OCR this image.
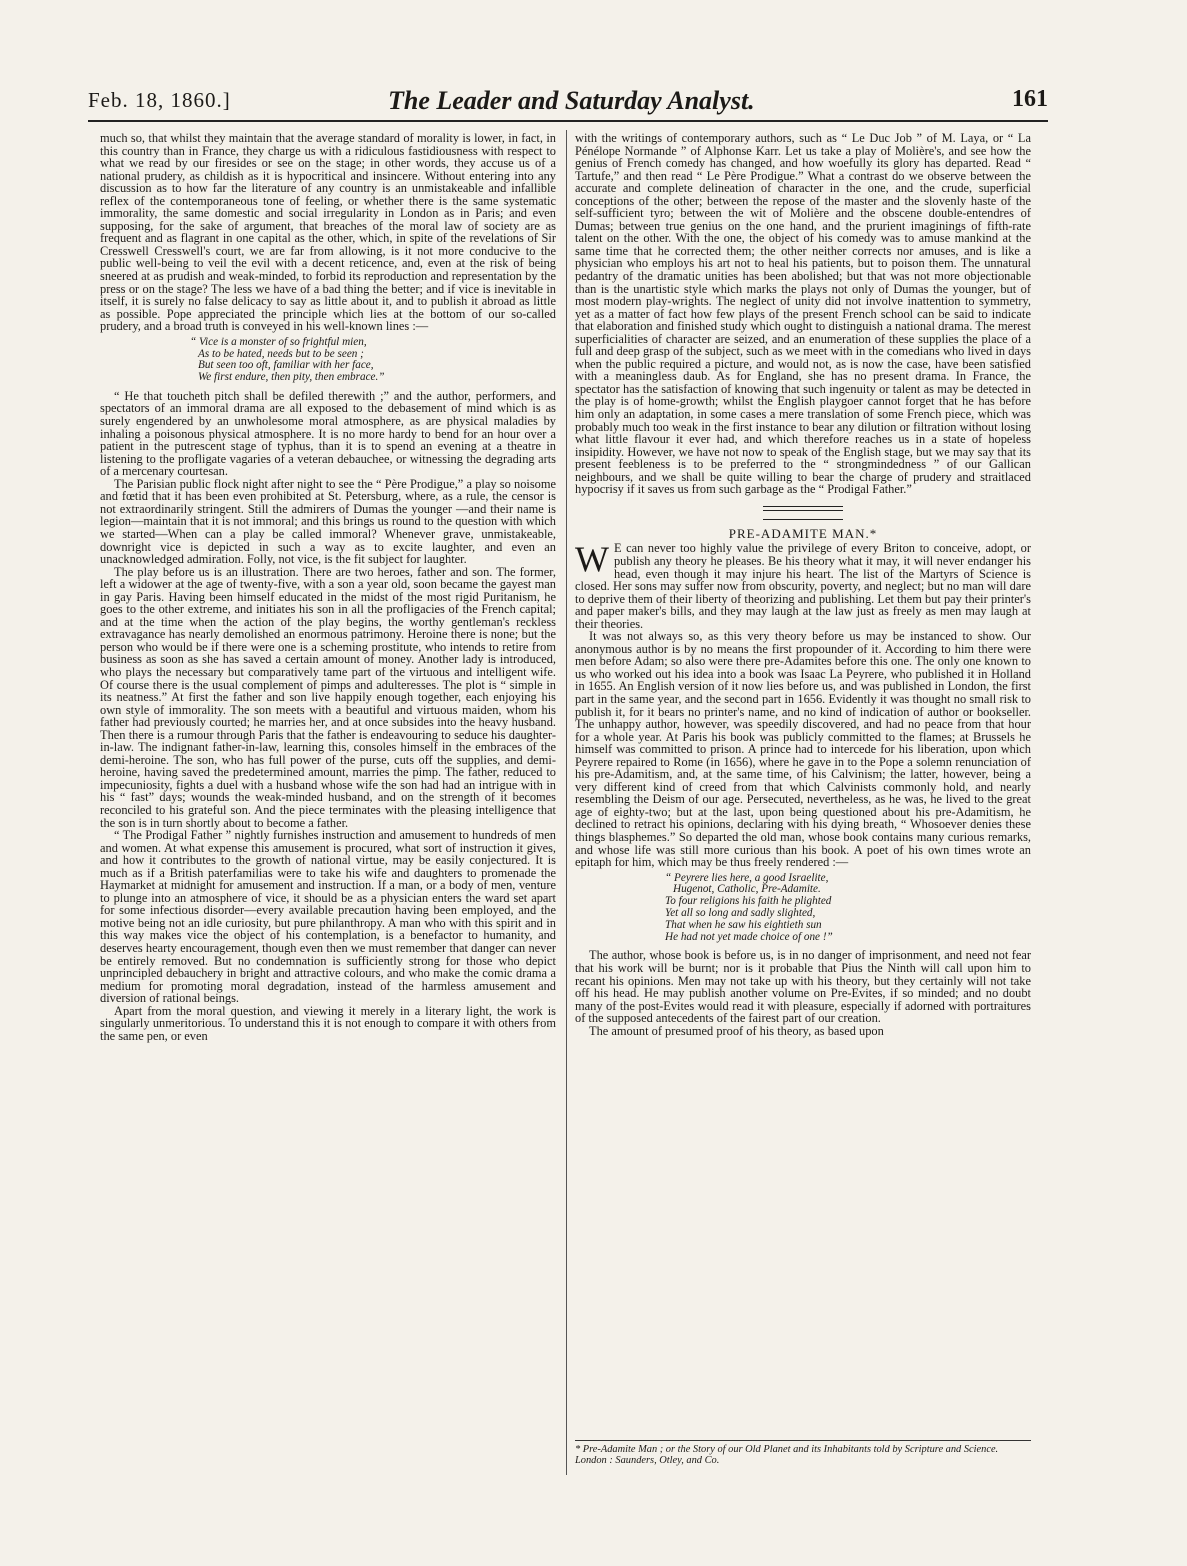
Feb. 18, 1860.]	The Leader and Saturday Analyst.	161

much so, that whilst they maintain that the average standard of morality is lower, in fact, in this country than in France, they charge us with a ridiculous fastidiousness with respect to what we read by our firesides or see on the stage; in other words, they accuse us of a national prudery, as childish as it is hypocritical and insincere. Without entering into any discussion as to how far the literature of any country is an unmistakeable and infallible reflex of the contemporaneous tone of feeling, or whether there is the same systematic immorality, the same domestic and social irregularity in London as in Paris; and even supposing, for the sake of argument, that breaches of the moral law of society are as frequent and as flagrant in one capital as the other, which, in spite of the revelations of Sir Cresswell Cresswell's court, we are far from allowing, is it not more conducive to the public well-being to veil the evil with a decent reticence, and, even at the risk of being sneered at as prudish and weak-minded, to forbid its reproduction and representation by the press or on the stage? The less we have of a bad thing the better; and if vice is inevitable in itself, it is surely no false delicacy to say as little about it, and to publish it abroad as little as possible. Pope appreciated the principle which lies at the bottom of our so-called prudery, and a broad truth is conveyed in his well-known lines :—

“ Vice is a monster of so frightful mien,
As to be hated, needs but to be seen ;
But seen too oft, familiar with her face,
We first endure, then pity, then embrace.”

“ He that toucheth pitch shall be defiled therewith ;” and the author, performers, and spectators of an immoral drama are all exposed to the debasement of mind which is as surely engendered by an unwholesome moral atmosphere, as are physical maladies by inhaling a poisonous physical atmosphere. It is no more hardy to bend for an hour over a patient in the putrescent stage of typhus, than it is to spend an evening at a theatre in listening to the profligate vagaries of a veteran debauchee, or witnessing the degrading arts of a mercenary courtesan.

The Parisian public flock night after night to see the “ Père Prodigue,” a play so noisome and fœtid that it has been even prohibited at St. Petersburg, where, as a rule, the censor is not extraordinarily stringent. Still the admirers of Dumas the younger —and their name is legion—maintain that it is not immoral; and this brings us round to the question with which we started—When can a play be called immoral? Whenever grave, unmistakeable, downright vice is depicted in such a way as to excite laughter, and even an unacknowledged admiration. Folly, not vice, is the fit subject for laughter.

The play before us is an illustration. There are two heroes, father and son. The former, left a widower at the age of twenty-five, with a son a year old, soon became the gayest man in gay Paris. Having been himself educated in the midst of the most rigid Puritanism, he goes to the other extreme, and initiates his son in all the profligacies of the French capital; and at the time when the action of the play begins, the worthy gentleman's reckless extravagance has nearly demolished an enormous patrimony. Heroine there is none; but the person who would be if there were one is a scheming prostitute, who intends to retire from business as soon as she has saved a certain amount of money. Another lady is introduced, who plays the necessary but comparatively tame part of the virtuous and intelligent wife. Of course there is the usual complement of pimps and adulteresses. The plot is “ simple in its neatness.” At first the father and son live happily enough together, each enjoying his own style of immorality. The son meets with a beautiful and virtuous maiden, whom his father had previously courted; he marries her, and at once subsides into the heavy husband. Then there is a rumour through Paris that the father is endeavouring to seduce his daughter-in-law. The indignant father-in-law, learning this, consoles himself in the embraces of the demi-heroine. The son, who has full power of the purse, cuts off the supplies, and demi-heroine, having saved the predetermined amount, marries the pimp. The father, reduced to impecuniosity, fights a duel with a husband whose wife the son had had an intrigue with in his “ fast” days; wounds the weak-minded husband, and on the strength of it becomes reconciled to his grateful son. And the piece terminates with the pleasing intelligence that the son is in turn shortly about to become a father.

“ The Prodigal Father ” nightly furnishes instruction and amusement to hundreds of men and women. At what expense this amusement is procured, what sort of instruction it gives, and how it contributes to the growth of national virtue, may be easily conjectured. It is much as if a British paterfamilias were to take his wife and daughters to promenade the Haymarket at midnight for amusement and instruction. If a man, or a body of men, venture to plunge into an atmosphere of vice, it should be as a physician enters the ward set apart for some infectious disorder—every available precaution having been employed, and the motive being not an idle curiosity, but pure philanthropy. A man who with this spirit and in this way makes vice the object of his contemplation, is a benefactor to humanity, and deserves hearty encouragement, though even then we must remember that danger can never be entirely removed. But no condemnation is sufficiently strong for those who depict unprincipled debauchery in bright and attractive colours, and who make the comic drama a medium for promoting moral degradation, instead of the harmless amusement and diversion of rational beings.

Apart from the moral question, and viewing it merely in a literary light, the work is singularly unmeritorious. To understand this it is not enough to compare it with others from the same pen, or even

with the writings of contemporary authors, such as “ Le Duc Job ” of M. Laya, or “ La Pénélope Normande ” of Alphonse Karr. Let us take a play of Molière's, and see how the genius of French comedy has changed, and how woefully its glory has departed. Read “ Tartufe,” and then read “ Le Père Prodigue.” What a contrast do we observe between the accurate and complete delineation of character in the one, and the crude, superficial conceptions of the other; between the repose of the master and the slovenly haste of the self-sufficient tyro; between the wit of Molière and the obscene double-entendres of Dumas; between true genius on the one hand, and the prurient imaginings of fifth-rate talent on the other. With the one, the object of his comedy was to amuse mankind at the same time that he corrected them; the other neither corrects nor amuses, and is like a physician who employs his art not to heal his patients, but to poison them. The unnatural pedantry of the dramatic unities has been abolished; but that was not more objectionable than is the unartistic style which marks the plays not only of Dumas the younger, but of most modern play-wrights. The neglect of unity did not involve inattention to symmetry, yet as a matter of fact how few plays of the present French school can be said to indicate that elaboration and finished study which ought to distinguish a national drama. The merest superficialities of character are seized, and an enumeration of these supplies the place of a full and deep grasp of the subject, such as we meet with in the comedians who lived in days when the public required a picture, and would not, as is now the case, have been satisfied with a meaningless daub. As for England, she has no present drama. In France, the spectator has the satisfaction of knowing that such ingenuity or talent as may be detected in the play is of home-growth; whilst the English playgoer cannot forget that he has before him only an adaptation, in some cases a mere translation of some French piece, which was probably much too weak in the first instance to bear any dilution or filtration without losing what little flavour it ever had, and which therefore reaches us in a state of hopeless insipidity. However, we have not now to speak of the English stage, but we may say that its present feebleness is to be preferred to the “ strongmindedness ” of our Gallican neighbours, and we shall be quite willing to bear the charge of prudery and straitlaced hypocrisy if it saves us from such garbage as the “ Prodigal Father.”

PRE-ADAMITE MAN.*

W E can never too highly value the privilege of every Briton to conceive, adopt, or publish any theory he pleases. Be his theory what it may, it will never endanger his head, even though it may injure his heart. The list of the Martyrs of Science is closed. Her sons may suffer now from obscurity, poverty, and neglect; but no man will dare to deprive them of their liberty of theorizing and publishing. Let them but pay their printer's and paper maker's bills, and they may laugh at the law just as freely as men may laugh at their theories.

It was not always so, as this very theory before us may be instanced to show. Our anonymous author is by no means the first propounder of it. According to him there were men before Adam; so also were there pre-Adamites before this one. The only one known to us who worked out his idea into a book was Isaac La Peyrere, who published it in Holland in 1655. An English version of it now lies before us, and was published in London, the first part in the same year, and the second part in 1656. Evidently it was thought no small risk to publish it, for it bears no printer's name, and no kind of indication of author or bookseller. The unhappy author, however, was speedily discovered, and had no peace from that hour for a whole year. At Paris his book was publicly committed to the flames; at Brussels he himself was committed to prison. A prince had to intercede for his liberation, upon which Peyrere repaired to Rome (in 1656), where he gave in to the Pope a solemn renunciation of his pre-Adamitism, and, at the same time, of his Calvinism; the latter, however, being a very different kind of creed from that which Calvinists commonly hold, and nearly resembling the Deism of our age. Persecuted, nevertheless, as he was, he lived to the great age of eighty-two; but at the last, upon being questioned about his pre-Adamitism, he declined to retract his opinions, declaring with his dying breath, “ Whosoever denies these things blasphemes.” So departed the old man, whose book contains many curious remarks, and whose life was still more curious than his book. A poet of his own times wrote an epitaph for him, which may be thus freely rendered :—

“ Peyrere lies here, a good Israelite,
Hugenot, Catholic, Pre-Adamite.
To four religions his faith he plighted
Yet all so long and sadly slighted,
That when he saw his eightieth sun
He had not yet made choice of one !”

The author, whose book is before us, is in no danger of imprisonment, and need not fear that his work will be burnt; nor is it probable that Pius the Ninth will call upon him to recant his opinions. Men may not take up with his theory, but they certainly will not take off his head. He may publish another volume on Pre-Evites, if so minded; and no doubt many of the post-Evites would read it with pleasure, especially if adorned with portraitures of the supposed antecedents of the fairest part of our creation.

The amount of presumed proof of his theory, as based upon

* Pre-Adamite Man ; or the Story of our Old Planet and its Inhabitants told by Scripture and Science. London : Saunders, Otley, and Co.
